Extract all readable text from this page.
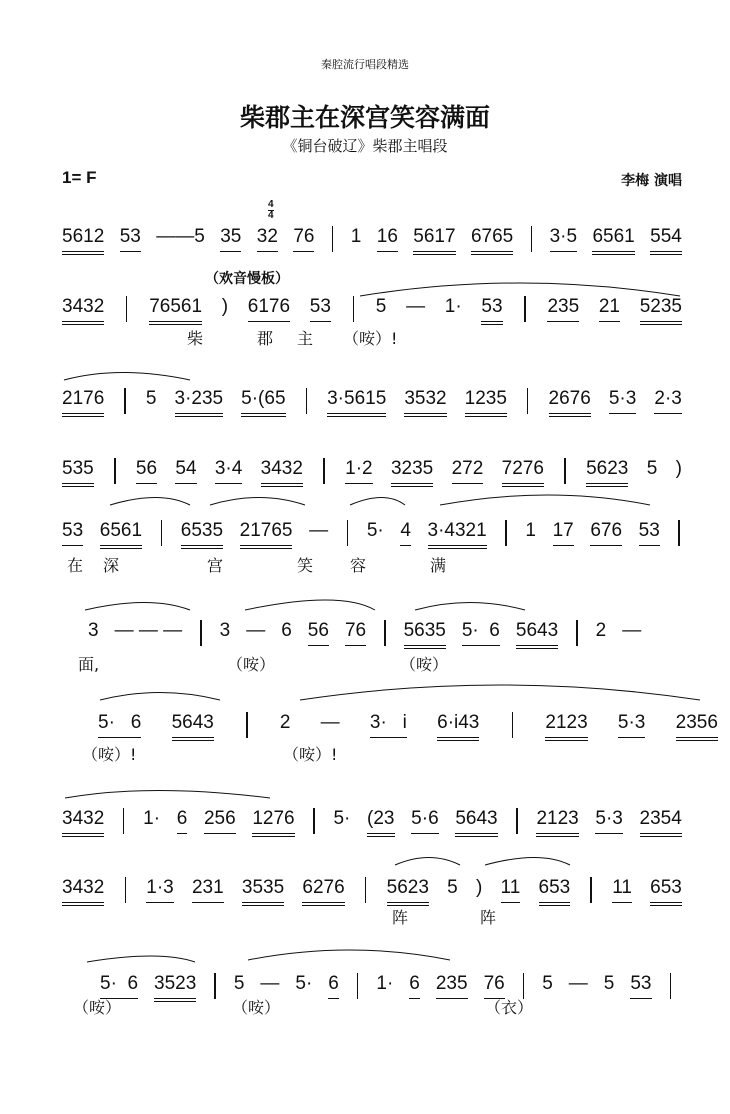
秦腔流行唱段精选
柴郡主在深宫笑容满面
《铜台破辽》柴郡主唱段
1= F	李梅 演唱
4
4
（欢音慢板）
5612 53 ——5 35 32 76 1 16 5617 6765 3·5 6561 554
3432 76561 ) 6176 53 5 — 1· 53 235 21 5235
柴	郡 主 （咹）!
2176 5 3·235 5·(65 3·5615 3532 1235 2676 5·3 2·3
535 56 54 3·4 3432 1·2 3235 272 7276 5623 5 )
53 6561 6535 21765 — 5· 4 3·4321 1 17 676 53
在 深	宫	笑 容	满
3 — — — 3 — 6 56 76 5635 5·  6 5643 2 —
面,	（咹）	（咹）
5·   6 5643	2 — 3·   i 6·i43	2123 5·3 2356
（咹）!	（咹）!
3432 1· 6 256 1276 5· (23 5·6 5643 2123 5·3 2354
3432 1·3 231 3535 6276 5623 5 ) 11 653 11 653
阵	阵
5·  6 3523 5 — 5· 6 1· 6 235 76 5 — 5 53
（咹）	（咹）	（衣）
